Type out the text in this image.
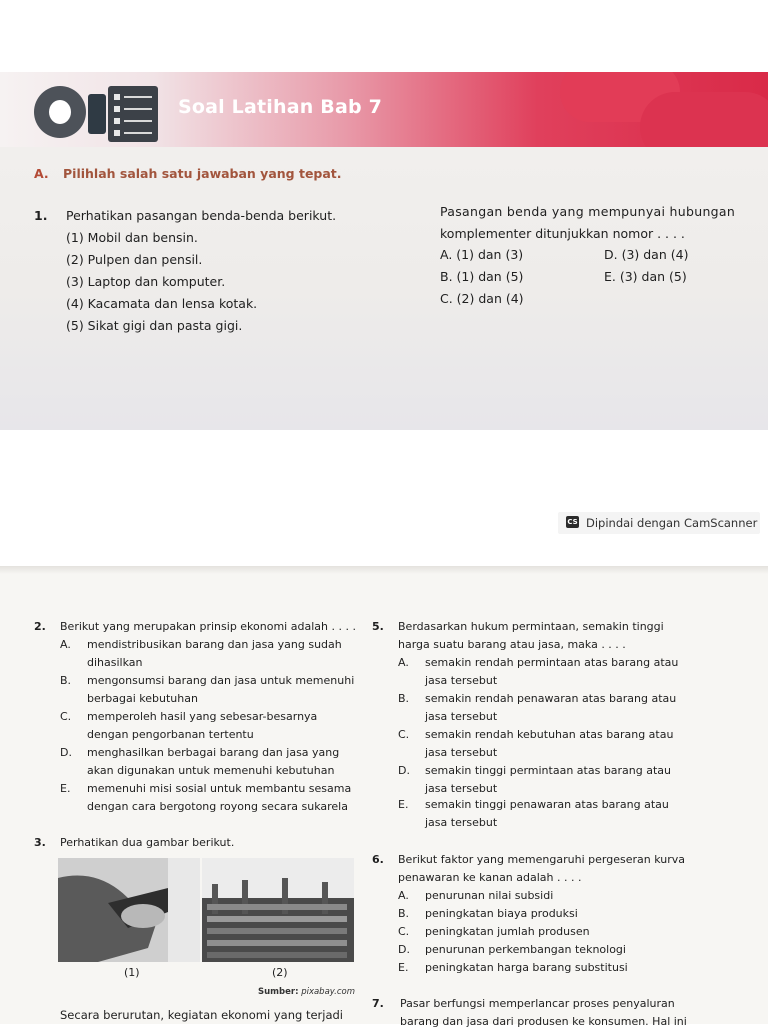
Soal Latihan Bab 7
A. Pilihlah salah satu jawaban yang tepat.
1. Perhatikan pasangan benda-benda berikut.
(1) Mobil dan bensin.
(2) Pulpen dan pensil.
(3) Laptop dan komputer.
(4) Kacamata dan lensa kotak.
(5) Sikat gigi dan pasta gigi.
Pasangan benda yang mempunyai hubungan
komplementer ditunjukkan nomor . . . .
A. (1) dan (3)
B. (1) dan (5)
C. (2) dan (4)
D. (3) dan (4)
E. (3) dan (5)
CS Dipindai dengan CamScanner
2. Berikut yang merupakan prinsip ekonomi adalah . . . .
A. mendistribusikan barang dan jasa yang sudah
dihasilkan
B. mengonsumsi barang dan jasa untuk memenuhi
berbagai kebutuhan
C. memperoleh hasil yang sebesar-besarnya
dengan pengorbanan tertentu
D. menghasilkan berbagai barang dan jasa yang
akan digunakan untuk memenuhi kebutuhan
E. memenuhi misi sosial untuk membantu sesama
dengan cara bergotong royong secara sukarela
3. Perhatikan dua gambar berikut.
(1)	(2)
Sumber: pixabay.com
Secara berurutan, kegiatan ekonomi yang terjadi
5. Berdasarkan hukum permintaan, semakin tinggi
harga suatu barang atau jasa, maka . . . .
A. semakin rendah permintaan atas barang atau
jasa tersebut
B. semakin rendah penawaran atas barang atau
jasa tersebut
C. semakin rendah kebutuhan atas barang atau
jasa tersebut
D. semakin tinggi permintaan atas barang atau
jasa tersebut
E. semakin tinggi penawaran atas barang atau
jasa tersebut
6. Berikut faktor yang memengaruhi pergeseran kurva
penawaran ke kanan adalah . . . .
A. penurunan nilai subsidi
B. peningkatan biaya produksi
C. peningkatan jumlah produsen
D. penurunan perkembangan teknologi
E. peningkatan harga barang substitusi
7. Pasar berfungsi memperlancar proses penyaluran
barang dan jasa dari produsen ke konsumen. Hal ini
